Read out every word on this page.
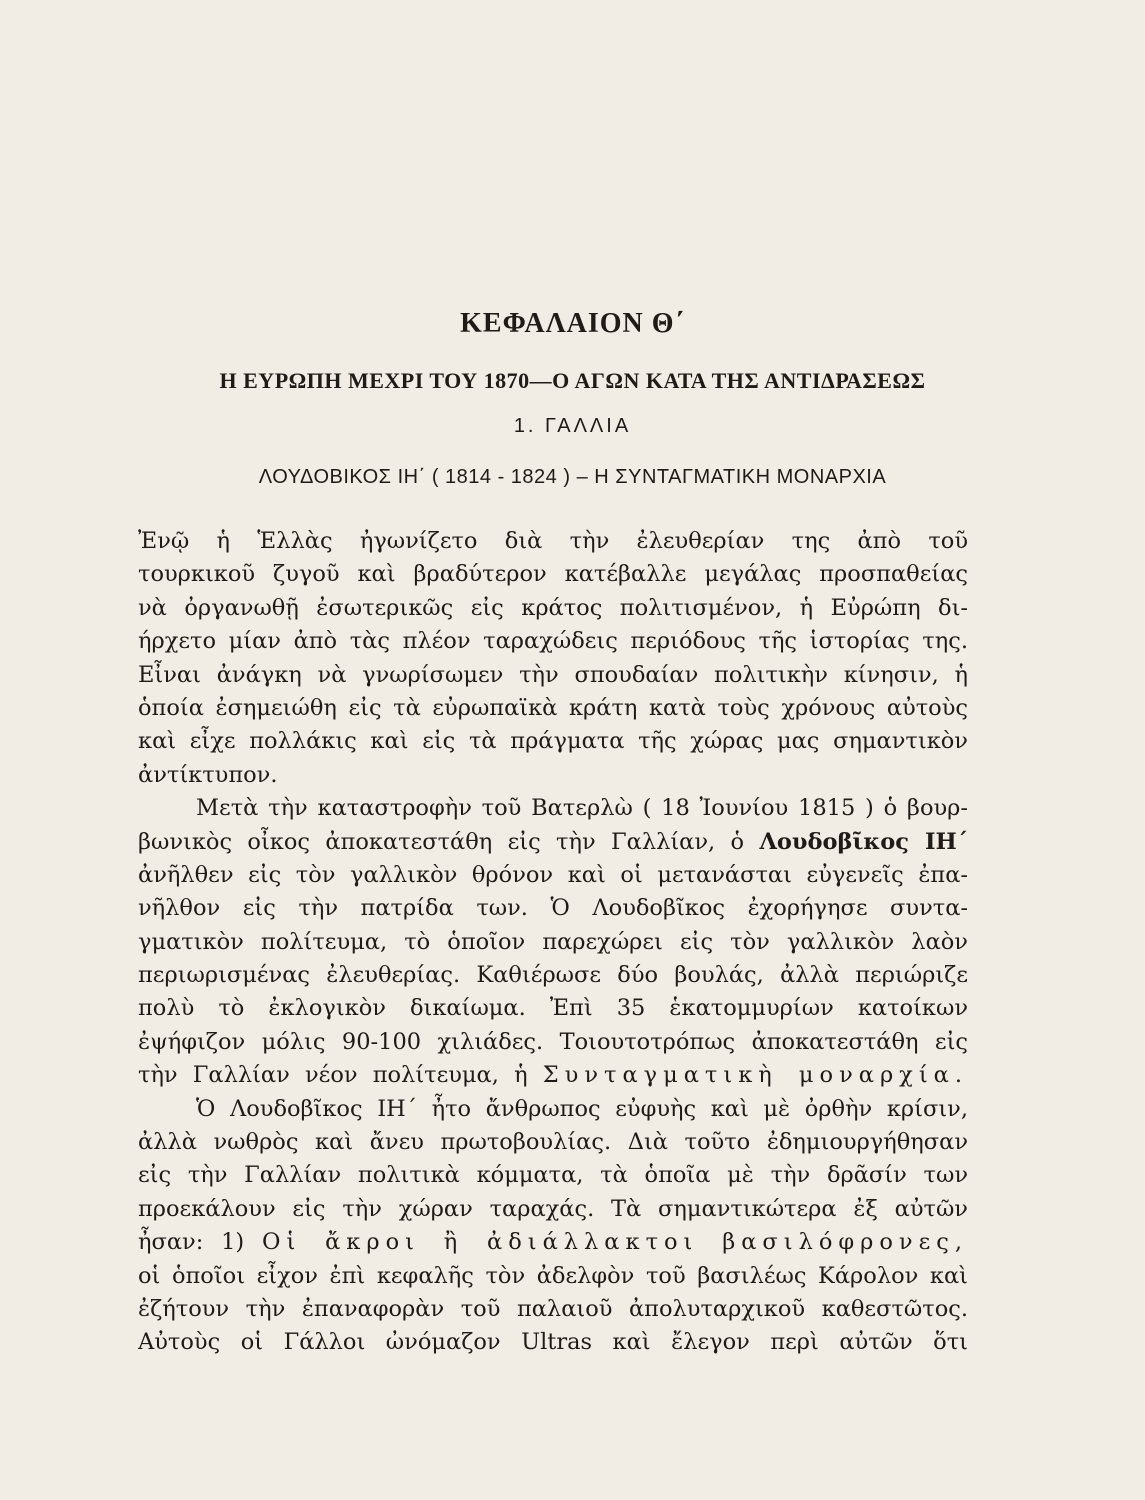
ΚΕΦΑΛΑΙΟΝ Θ΄
Η ΕΥΡΩΠΗ ΜΕΧΡΙ ΤΟΥ 1870—Ο ΑΓΩΝ ΚΑΤΑ ΤΗΣ ΑΝΤΙΔΡΑΣΕΩΣ
1. ΓΑΛΛΙΑ
ΛΟΥΔΟΒΙΚΟΣ ΙΗ΄ ( 1814 - 1824 ) – Η ΣΥΝΤΑΓΜΑΤΙΚΗ ΜΟΝΑΡΧΙΑ
Ἐνῷ ἡ Ἑλλὰς ἠγωνίζετο διὰ τὴν ἐλευθερίαν της ἀπὸ τοῦ
τουρκικοῦ ζυγοῦ καὶ βραδύτερον κατέβαλλε μεγάλας προσπαθείας
νὰ ὀργανωθῇ ἐσωτερικῶς εἰς κράτος πολιτισμένον, ἡ Εὐρώπη δι-
ήρχετο μίαν ἀπὸ τὰς πλέον ταραχώδεις περιόδους τῆς ἱστορίας της.
Εἶναι ἀνάγκη νὰ γνωρίσωμεν τὴν σπουδαίαν πολιτικὴν κίνησιν, ἡ
ὁποία ἐσημειώθη εἰς τὰ εὐρωπαϊκὰ κράτη κατὰ τοὺς χρόνους αὐτοὺς
καὶ εἶχε πολλάκις καὶ εἰς τὰ πράγματα τῆς χώρας μας σημαντικὸν
ἀντίκτυπον.
Μετὰ τὴν καταστροφὴν τοῦ Βατερλὼ ( 18 Ἰουνίου 1815 ) ὁ βουρ-
βωνικὸς οἶκος ἀποκατεστάθη εἰς τὴν Γαλλίαν, ὁ Λουδοβῖκος ΙΗ΄
ἀνῆλθεν εἰς τὸν γαλλικὸν θρόνον καὶ οἱ μετανάσται εὐγενεῖς ἐπα-
νῆλθον εἰς τὴν πατρίδα των. Ὁ Λουδοβῖκος ἐχορήγησε συντα-
γματικὸν πολίτευμα, τὸ ὁποῖον παρεχώρει εἰς τὸν γαλλικὸν λαὸν
περιωρισμένας ἐλευθερίας. Καθιέρωσε δύο βουλάς, ἀλλὰ περιώριζε
πολὺ τὸ ἐκλογικὸν δικαίωμα. Ἐπὶ 35 ἑκατομμυρίων κατοίκων
ἐψήφιζον μόλις 90-100 χιλιάδες. Τοιουτοτρόπως ἀποκατεστάθη εἰς
τὴν Γαλλίαν νέον πολίτευμα, ἡ Συνταγματικὴ μοναρχία.
Ὁ Λουδοβῖκος ΙΗ΄ ἦτο ἄνθρωπος εὐφυὴς καὶ μὲ ὀρθὴν κρίσιν,
ἀλλὰ νωθρὸς καὶ ἄνευ πρωτοβουλίας. Διὰ τοῦτο ἐδημιουργήθησαν
εἰς τὴν Γαλλίαν πολιτικὰ κόμματα, τὰ ὁποῖα μὲ τὴν δρᾶσίν των
προεκάλουν εἰς τὴν χώραν ταραχάς. Τὰ σημαντικώτερα ἐξ αὐτῶν
ἦσαν: 1) Οἱ ἄκροι ἢ ἀδιάλλακτοι βασιλόφρονες,
οἱ ὁποῖοι εἶχον ἐπὶ κεφαλῆς τὸν ἀδελφὸν τοῦ βασιλέως Κάρολον καὶ
ἐζήτουν τὴν ἐπαναφορὰν τοῦ παλαιοῦ ἀπολυταρχικοῦ καθεστῶτος.
Αὐτοὺς οἱ Γάλλοι ὠνόμαζον Ultras καὶ ἔλεγον περὶ αὐτῶν ὅτι
